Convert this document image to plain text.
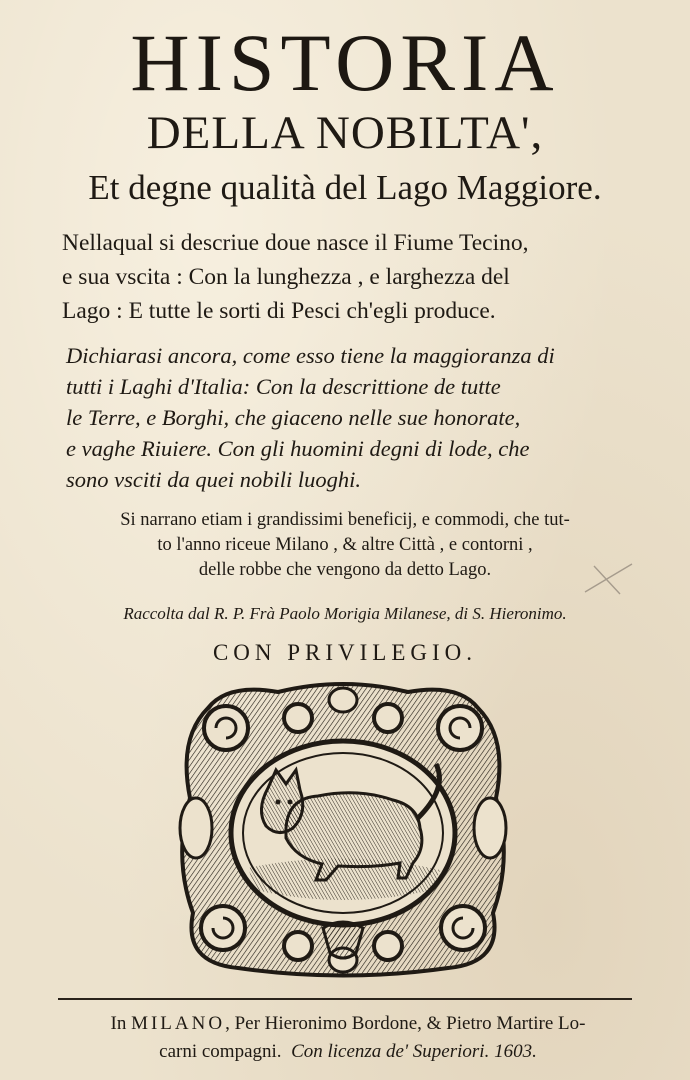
HISTORIA
DELLA NOBILTA',
Et degne qualità del Lago Maggiore.
Nellaqual si descriue doue nasce il Fiume Tecino,
e sua vscita : Con la lunghezza , e larghezza del
Lago : E tutte le sorti di Pesci ch'egli produce.
Dichiarasi ancora, come esso tiene la maggioranza di
tutti i Laghi d'Italia: Con la descrittione de tutte
le Terre, e Borghi, che giaceno nelle sue honorate,
e vaghe Riuiere. Con gli huomini degni di lode, che
sono vsciti da quei nobili luoghi.
Si narrano etiam i grandissimi beneficij, e commodi, che tut-
to l'anno riceue Milano , & altre Città , e contorni ,
delle robbe che vengono da detto Lago.
Raccolta dal R. P. Frà Paolo Morigia Milanese, di S. Hieronimo.
CON PRIVILEGIO.
In MILANO, Per Hieronimo Bordone, & Pietro Martire Lo-
carni compagni. Con licenza de' Superiori. 1603.
